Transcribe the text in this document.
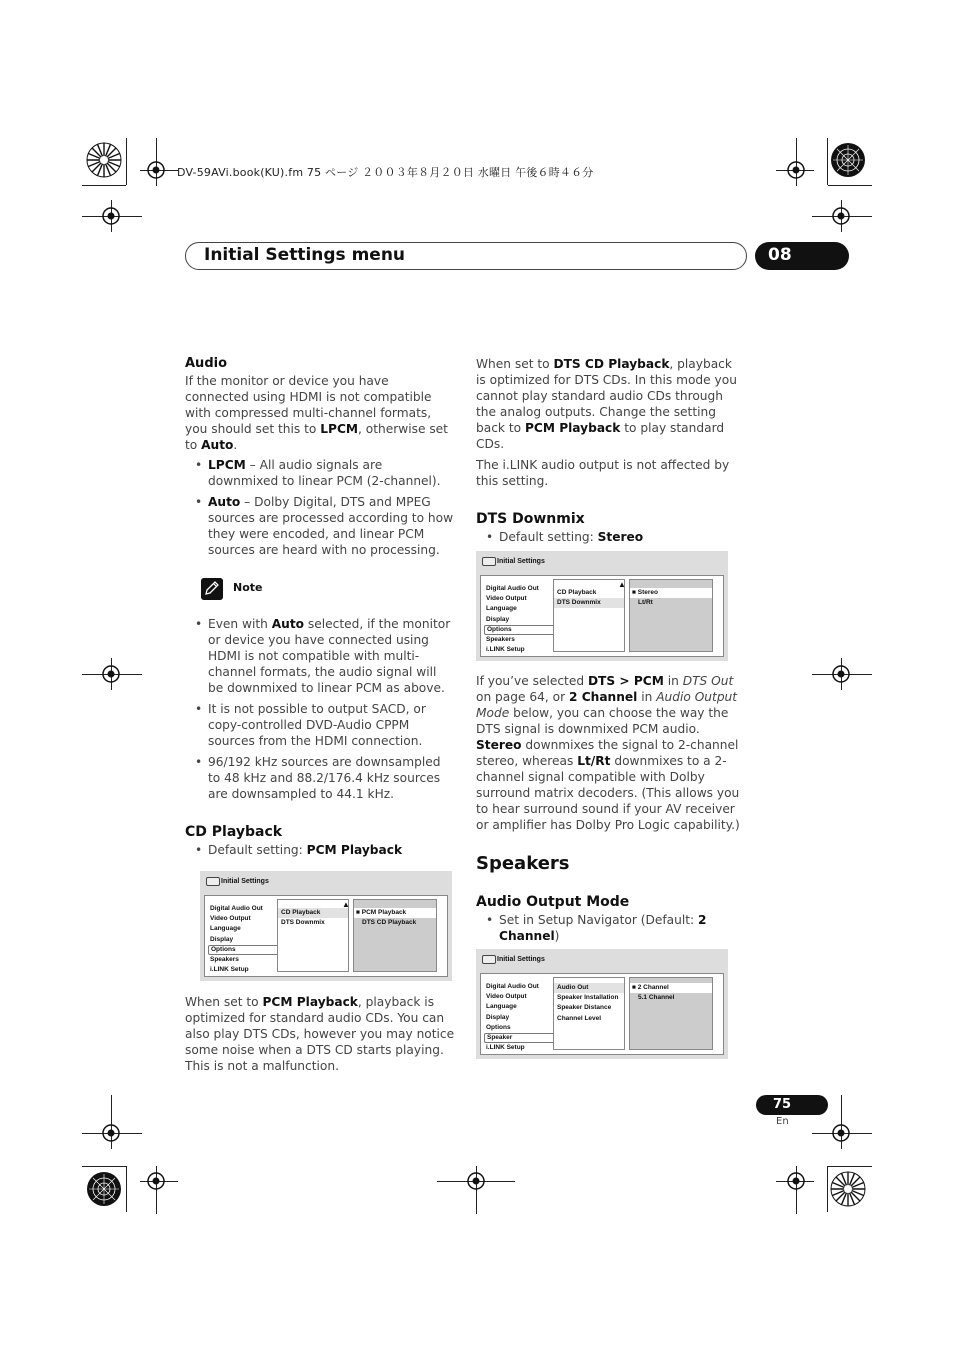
DV-59AVi.book(KU).fm 75 ページ ２００３年８月２０日 水曜日 午後６時４６分
Initial Settings menu	08
Audio

If the monitor or device you have connected using HDMI is not compatible with compressed multi-channel formats, you should set this to LPCM, otherwise set to Auto.

• LPCM – All audio signals are downmixed to linear PCM (2-channel).
• Auto – Dolby Digital, DTS and MPEG sources are processed according to how they were encoded, and linear PCM sources are heard with no processing.
Note
• Even with Auto selected, if the monitor or device you have connected using HDMI is not compatible with multi-channel formats, the audio signal will be downmixed to linear PCM as above.
• It is not possible to output SACD, or copy-controlled DVD-Audio CPPM sources from the HDMI connection.
• 96/192 kHz sources are downsampled to 48 kHz and 88.2/176.4 kHz sources are downsampled to 44.1 kHz.
CD Playback
• Default setting: PCM Playback
Initial Settings
Digital Audio Out
Video Output
Language
Display
Options
Speakers
i.LINK Setup
▲
CD Playback
DTS Downmix
■ PCM Playback
DTS CD Playback

When set to PCM Playback, playback is optimized for standard audio CDs. You can also play DTS CDs, however you may notice some noise when a DTS CD starts playing. This is not a malfunction.

When set to DTS CD Playback, playback is optimized for DTS CDs. In this mode you cannot play standard audio CDs through the analog outputs. Change the setting back to PCM Playback to play standard CDs.

The i.LINK audio output is not affected by this setting.

DTS Downmix
• Default setting: Stereo
Initial Settings
Digital Audio Out
Video Output
Language
Display
Options
Speakers
i.LINK Setup
▲
CD Playback
DTS Downmix
■ Stereo
Lt/Rt

If you’ve selected DTS > PCM in DTS Out on page 64, or 2 Channel in Audio Output Mode below, you can choose the way the DTS signal is downmixed PCM audio. Stereo downmixes the signal to 2-channel stereo, whereas Lt/Rt downmixes to a 2-channel signal compatible with Dolby surround matrix decoders. (This allows you to hear surround sound if your AV receiver or amplifier has Dolby Pro Logic capability.)

Speakers
Audio Output Mode
• Set in Setup Navigator (Default: 2 Channel)
Initial Settings
Digital Audio Out
Video Output
Language
Display
Options
Speaker
i.LINK Setup
Audio Out
Speaker Installation
Speaker Distance
Channel Level
■ 2 Channel
5.1 Channel
75
En
